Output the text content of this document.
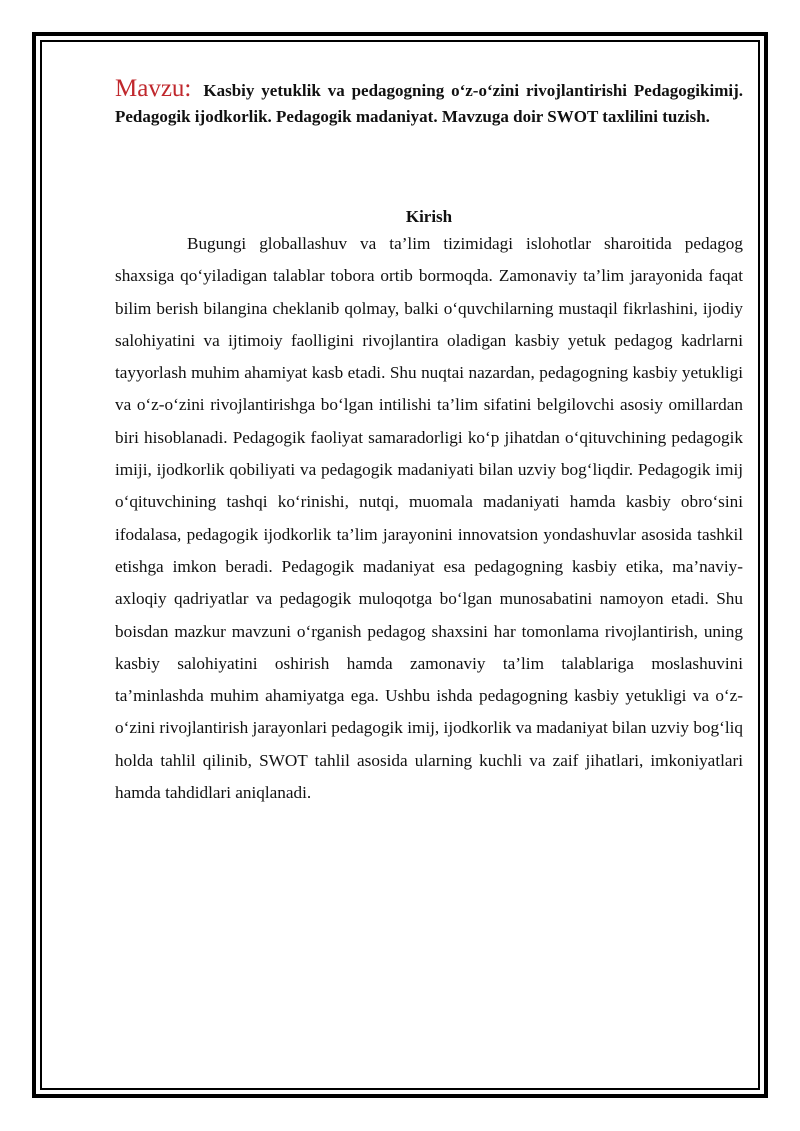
Mavzu: Kasbiy yetuklik va pedagogning o‘z-o‘zini rivojlantirishi Pedagogikimij. Pedagogik ijodkorlik. Pedagogik madaniyat. Mavzuga doir SWOT taxlilini tuzish.

Kirish

Bugungi globallashuv va ta’lim tizimidagi islohotlar sharoitida pedagog shaxsiga qo‘yiladigan talablar tobora ortib bormoqda. Zamonaviy ta’lim jarayonida faqat bilim berish bilangina cheklanib qolmay, balki o‘quvchilarning mustaqil fikrlashini, ijodiy salohiyatini va ijtimoiy faolligini rivojlantira oladigan kasbiy yetuk pedagog kadrlarni tayyorlash muhim ahamiyat kasb etadi. Shu nuqtai nazardan, pedagogning kasbiy yetukligi va o‘z-o‘zini rivojlantirishga bo‘lgan intilishi ta’lim sifatini belgilovchi asosiy omillardan biri hisoblanadi. Pedagogik faoliyat samaradorligi ko‘p jihatdan o‘qituvchining pedagogik imiji, ijodkorlik qobiliyati va pedagogik madaniyati bilan uzviy bog‘liqdir. Pedagogik imij o‘qituvchining tashqi ko‘rinishi, nutqi, muomala madaniyati hamda kasbiy obro‘sini ifodalasa, pedagogik ijodkorlik ta’lim jarayonini innovatsion yondashuvlar asosida tashkil etishga imkon beradi. Pedagogik madaniyat esa pedagogning kasbiy etika, ma’naviy-axloqiy qadriyatlar va pedagogik muloqotga bo‘lgan munosabatini namoyon etadi. Shu boisdan mazkur mavzuni o‘rganish pedagog shaxsini har tomonlama rivojlantirish, uning kasbiy salohiyatini oshirish hamda zamonaviy ta’lim talablariga moslashuvini ta’minlashda muhim ahamiyatga ega. Ushbu ishda pedagogning kasbiy yetukligi va o‘z-o‘zini rivojlantirish jarayonlari pedagogik imij, ijodkorlik va madaniyat bilan uzviy bog‘liq holda tahlil qilinib, SWOT tahlil asosida ularning kuchli va zaif jihatlari, imkoniyatlari hamda tahdidlari aniqlanadi.
